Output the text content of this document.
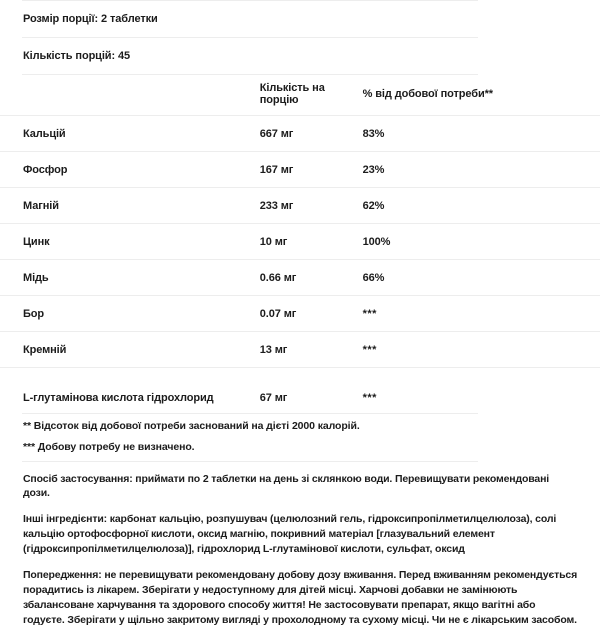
Розмір порції: 2 таблетки
Кількість порцій: 45
	Кількість на порцію	% від добової потреби**	
Кальцій	667 мг	83%	
Фосфор	167 мг	23%	
Магній	233 мг	62%	
Цинк	10 мг	100%	
Мідь	0.66 мг	66%	
Бор	0.07 мг	***	
Кремній	13 мг	***	
L-глутамінова кислота гідрохлорид	67 мг	***	
** Відсоток від добової потреби заснований на дієті 2000 калорій.
*** Добову потребу не визначено.

Спосіб застосування: приймати по 2 таблетки на день зі склянкою води. Перевищувати рекомендовані дози.

Інші інгредієнти: карбонат кальцію, розпушувач (целюлозний гель, гідроксипропілметилцелюлоза), солі кальцію ортофосфорної кислоти, оксид магнію, покривний матеріал [глазувальний елемент (гідроксипропілметилцелюлоза)], гідрохлорид L-глутамінової кислоти, сульфат, оксид

Попередження: не перевищувати рекомендовану добову дозу вживання. Перед вживанням рекомендується порадитись із лікарем. Зберігати у недоступному для дітей місці. Харчові добавки не замінюють збалансоване харчування та здорового способу життя! Не застосовувати препарат, якщо вагітні або годуєте. Зберігати у щільно закритому вигляді у прохолодному та сухому місці. Чи не є лікарським засобом.
